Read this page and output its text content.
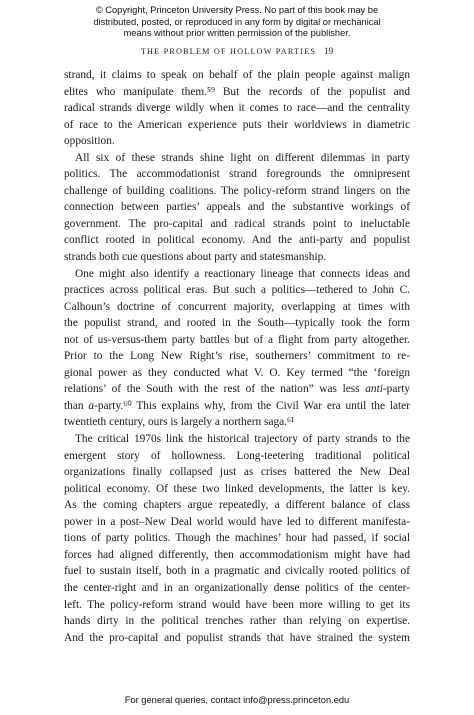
© Copyright, Princeton University Press. No part of this book may be
distributed, posted, or reproduced in any form by digital or mechanical
means without prior written permission of the publisher.
THE PROBLEM OF HOLLOW PARTIES 19
strand, it claims to speak on behalf of the plain people against malign
elites who manipulate them.⁵⁹ But the records of the populist and
radical strands diverge wildly when it comes to race—and the centrality
of race to the American experience puts their worldviews in diametric
opposition.
All six of these strands shine light on different dilemmas in party
politics. The accommodationist strand foregrounds the omnipresent
challenge of building coalitions. The policy-reform strand lingers on the
connection between parties’ appeals and the substantive workings of
government. The pro-capital and radical strands point to ineluctable
conflict rooted in political economy. And the anti-party and populist
strands both cue questions about party and statesmanship.
One might also identify a reactionary lineage that connects ideas and
practices across political eras. But such a politics—tethered to John C.
Calhoun’s doctrine of concurrent majority, overlapping at times with
the populist strand, and rooted in the South—typically took the form
not of us-versus-them party battles but of a flight from party altogether.
Prior to the Long New Right’s rise, southerners’ commitment to re-
gional power as they conducted what V. O. Key termed “the ‘foreign
relations’ of the South with the rest of the nation” was less anti-party
than a-party.⁶⁰ This explains why, from the Civil War era until the later
twentieth century, ours is largely a northern saga.⁶¹
The critical 1970s link the historical trajectory of party strands to the
emergent story of hollowness. Long-teetering traditional political
organizations finally collapsed just as crises battered the New Deal
political economy. Of these two linked developments, the latter is key.
As the coming chapters argue repeatedly, a different balance of class
power in a post–New Deal world would have led to different manifesta-
tions of party politics. Though the machines’ hour had passed, if social
forces had aligned differently, then accommodationism might have had
fuel to sustain itself, both in a pragmatic and civically rooted politics of
the center-right and in an organizationally dense politics of the center-
left. The policy-reform strand would have been more willing to get its
hands dirty in the political trenches rather than relying on expertise.
And the pro-capital and populist strands that have strained the system
For general queries, contact info@press.princeton.edu
